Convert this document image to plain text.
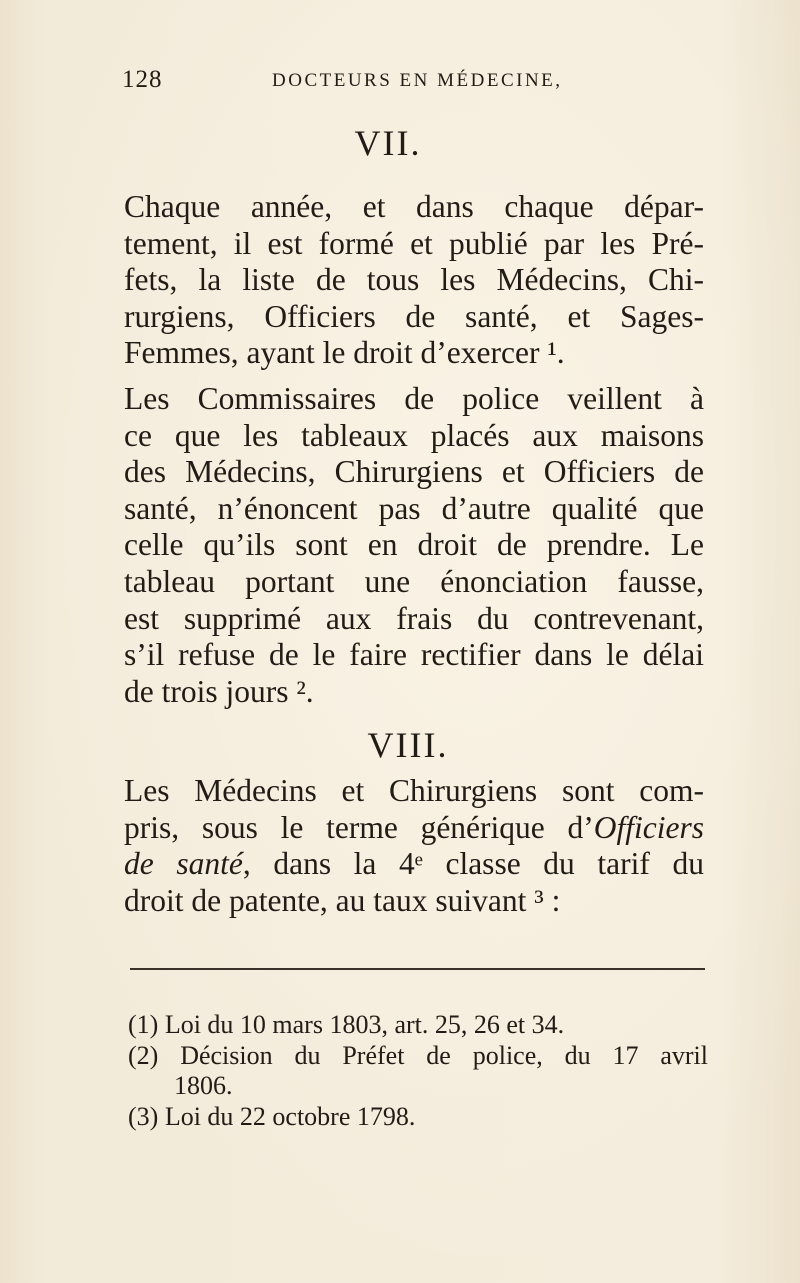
128	DOCTEURS EN MÉDECINE,
VII.
Chaque année, et dans chaque dépar-
tement, il est formé et publié par les Pré-
fets, la liste de tous les Médecins, Chi-
rurgiens, Officiers de santé, et Sages-
Femmes, ayant le droit d’exercer ¹.
Les Commissaires de police veillent à
ce que les tableaux placés aux maisons
des Médecins, Chirurgiens et Officiers de
santé, n’énoncent pas d’autre qualité que
celle qu’ils sont en droit de prendre. Le
tableau portant une énonciation fausse,
est supprimé aux frais du contrevenant,
s’il refuse de le faire rectifier dans le délai
de trois jours ².
VIII.
Les Médecins et Chirurgiens sont com-
pris, sous le terme générique d’Officiers
de santé, dans la 4ᵉ classe du tarif du
droit de patente, au taux suivant ³ :
(1) Loi du 10 mars 1803, art. 25, 26 et 34.
(2) Décision du Préfet de police, du 17 avril
1806.
(3) Loi du 22 octobre 1798.
